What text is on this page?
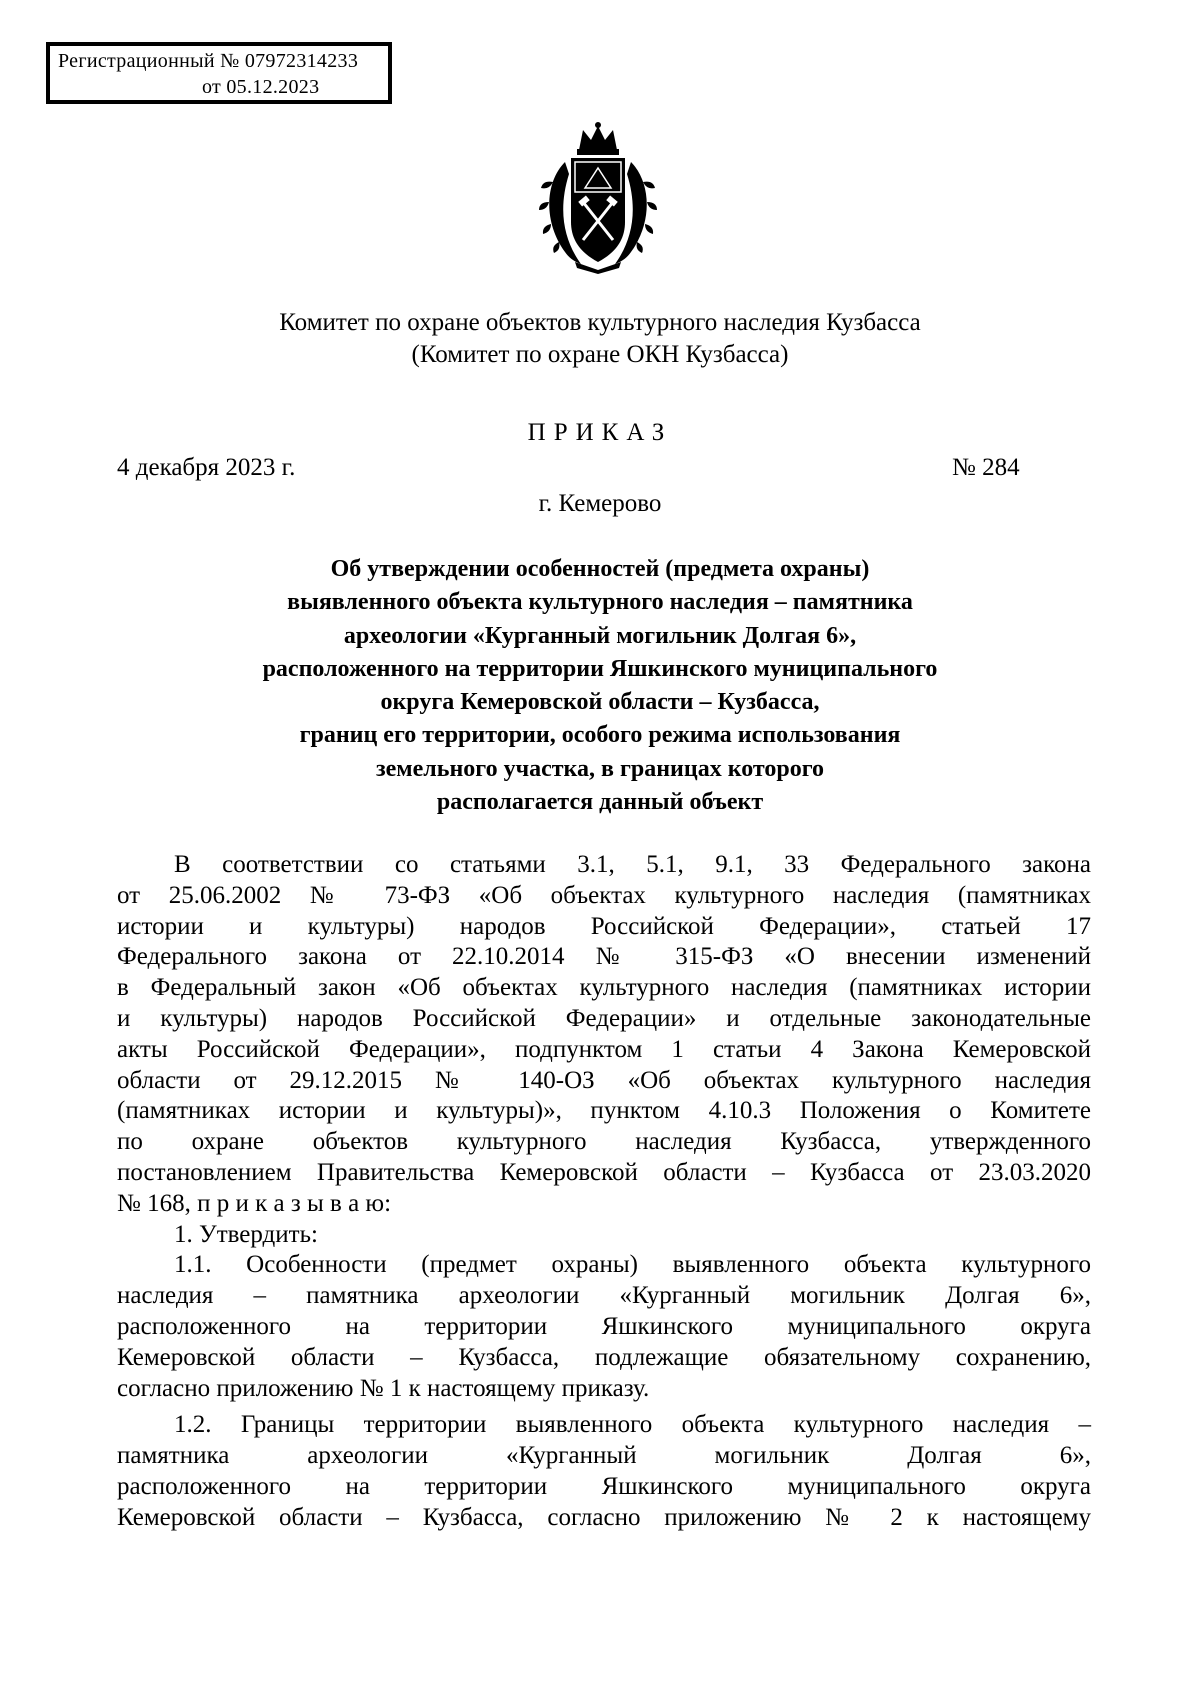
Регистрационный № 07972314233
от 05.12.2023
Комитет по охране объектов культурного наследия Кузбасса
(Комитет по охране ОКН Кузбасса)
ПРИКАЗ
4 декабря 2023 г.	№ 284
г. Кемерово
Об утверждении особенностей (предмета охраны)
выявленного объекта культурного наследия – памятника
археологии «Курганный могильник Долгая 6»,
расположенного на территории Яшкинского муниципального
округа Кемеровской области – Кузбасса,
границ его территории, особого режима использования
земельного участка, в границах которого
располагается данный объект
В соответствии со статьями 3.1, 5.1, 9.1, 33 Федерального закона
от 25.06.2002 № 73-ФЗ «Об объектах культурного наследия (памятниках
истории и культуры) народов Российской Федерации», статьей 17
Федерального закона от 22.10.2014 № 315-ФЗ «О внесении изменений
в Федеральный закон «Об объектах культурного наследия (памятниках истории
и культуры) народов Российской Федерации» и отдельные законодательные
акты Российской Федерации», подпунктом 1 статьи 4 Закона Кемеровской
области от 29.12.2015 № 140-ОЗ «Об объектах культурного наследия
(памятниках истории и культуры)», пунктом 4.10.3 Положения о Комитете
по охране объектов культурного наследия Кузбасса, утвержденного
постановлением Правительства Кемеровской области – Кузбасса от 23.03.2020
№ 168, п р и к а з ы в а ю:
1. Утвердить:
1.1. Особенности (предмет охраны) выявленного объекта культурного
наследия – памятника археологии «Курганный могильник Долгая 6»,
расположенного на территории Яшкинского муниципального округа
Кемеровской области – Кузбасса, подлежащие обязательному сохранению,
согласно приложению № 1 к настоящему приказу.
1.2. Границы территории выявленного объекта культурного наследия –
памятника археологии «Курганный могильник Долгая 6»,
расположенного на территории Яшкинского муниципального округа
Кемеровской области – Кузбасса, согласно приложению № 2 к настоящему
